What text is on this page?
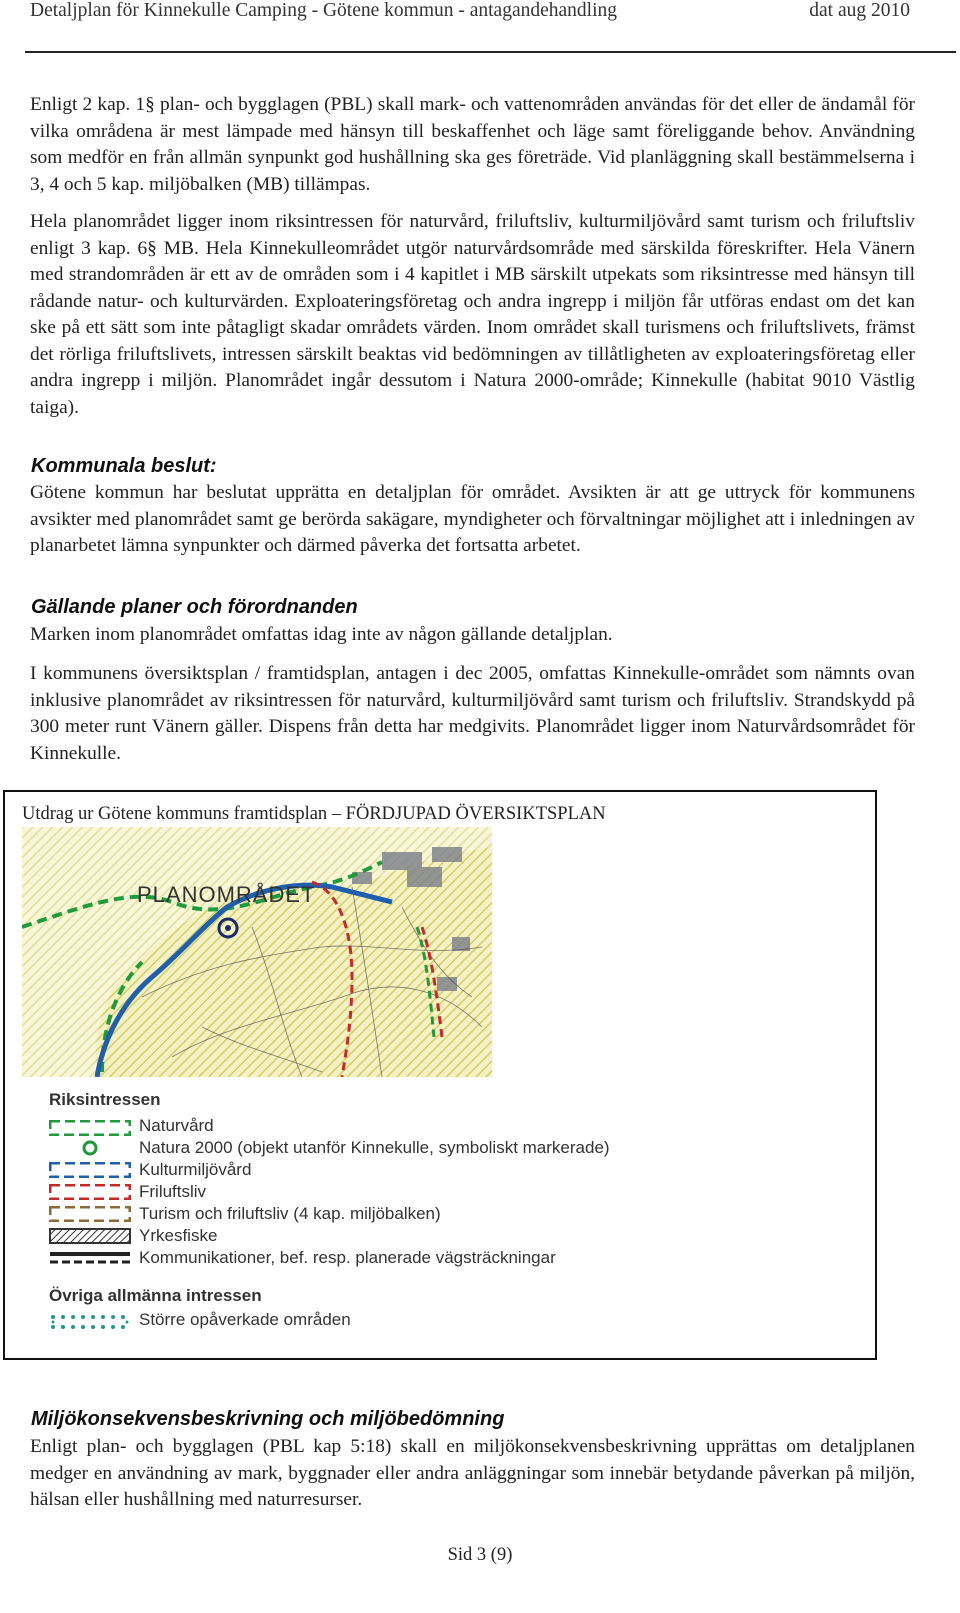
Detaljplan för Kinnekulle Camping - Götene kommun - antagandehandling	dat aug 2010

Enligt 2 kap. 1§ plan- och bygglagen (PBL) skall mark- och vattenområden användas för det eller de ändamål för vilka områdena är mest lämpade med hänsyn till beskaffenhet och läge samt föreliggande behov. Användning som medför en från allmän synpunkt god hushållning ska ges företräde. Vid planläggning skall bestämmelserna i 3, 4 och 5 kap. miljöbalken (MB) tillämpas.

Hela planområdet ligger inom riksintressen för naturvård, friluftsliv, kulturmiljövård samt turism och friluftsliv enligt 3 kap. 6§ MB. Hela Kinnekulleområdet utgör naturvårdsområde med särskilda föreskrifter. Hela Vänern med strandområden är ett av de områden som i 4 kapitlet i MB särskilt utpekats som riksintresse med hänsyn till rådande natur- och kulturvärden. Exploateringsföretag och andra ingrepp i miljön får utföras endast om det kan ske på ett sätt som inte påtagligt skadar områdets värden. Inom området skall turismens och friluftslivets, främst det rörliga friluftslivets, intressen särskilt beaktas vid bedömningen av tillåtligheten av exploateringsföretag eller andra ingrepp i miljön. Planområdet ingår dessutom i Natura 2000-område; Kinnekulle (habitat 9010 Västlig taiga).

Kommunala beslut:

Götene kommun har beslutat upprätta en detaljplan för området. Avsikten är att ge uttryck för kommunens avsikter med planområdet samt ge berörda sakägare, myndigheter och förvaltningar möjlighet att i inledningen av planarbetet lämna synpunkter och därmed påverka det fortsatta arbetet.

Gällande planer och förordnanden

Marken inom planområdet omfattas idag inte av någon gällande detaljplan.

I kommunens översiktsplan / framtidsplan, antagen i dec 2005, omfattas Kinnekulle-området som nämnts ovan inklusive planområdet av riksintressen för naturvård, kulturmiljövård samt turism och friluftsliv. Strandskydd på 300 meter runt Vänern gäller. Dispens från detta har medgivits. Planområdet ligger inom Naturvårdsområdet för Kinnekulle.

Utdrag ur Götene kommuns framtidsplan – FÖRDJUPAD ÖVERSIKTSPLAN
PLANOMRÅDET
Riksintressen
Naturvård
Natura 2000 (objekt utanför Kinnekulle, symboliskt markerade)
Kulturmiljövård
Friluftsliv
Turism och friluftsliv (4 kap. miljöbalken)
Yrkesfiske
Kommunikationer, bef. resp. planerade vägsträckningar
Övriga allmänna intressen
Större opåverkade områden
Miljökonsekvensbeskrivning och miljöbedömning

Enligt plan- och bygglagen (PBL kap 5:18) skall en miljökonsekvensbeskrivning upprättas om detaljplanen medger en användning av mark, byggnader eller andra anläggningar som innebär betydande påverkan på miljön, hälsan eller hushållning med naturresurser.

Sid 3 (9)
